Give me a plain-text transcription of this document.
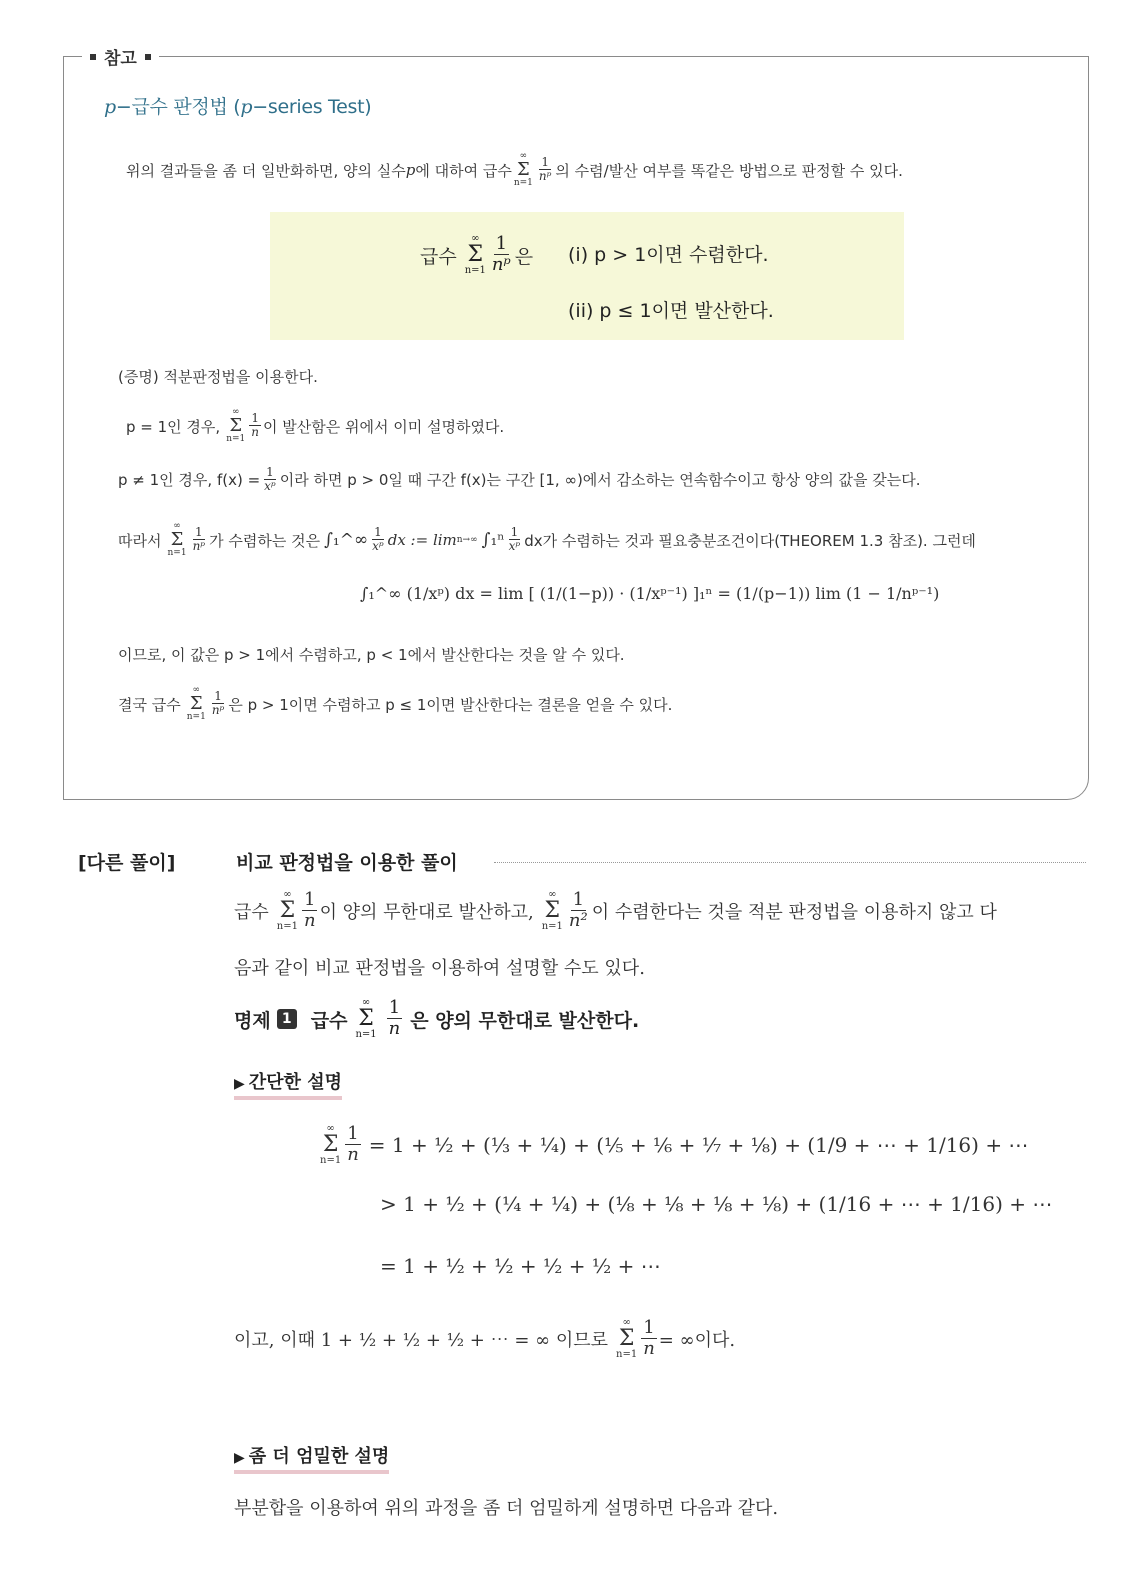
참고
p−급수 판정법 (p−series Test)
위의 결과들을 좀 더 일반화하면, 양의 실수 p 에 대하여 급수
∞
Σ
$n=1 \frac{1}{\text{nᵖ}}$ 의 수렴/발산 여부를 똑같은 방법으로 판정할 수 있다.
급수
∞
Σ
$n=1 \frac{1}{\text{nᵖ}}$ 은 (i) p > 1이면 수렴한다.
(ii) p ≤ 1이면 발산한다.
(증명) 적분판정법을 이용한다.
p = 1인 경우,
∞
Σ
$n=1 \frac{1}{n}$ 이 발산함은 위에서 이미 설명하였다.
p ≠ 1인 경우, $f(x) = \frac{1}{\text{xᵖ}}$ 이라 하면 p > 0일 때 구간 f(x)는 구간 [1, ∞)에서 감소하는 연속함수이고 항상 양의 값을 갖는다.
따라서
∞
Σ
$n=1 \frac{1}{\text{nᵖ}}$ 가 수렴하는 것은 ∫₁^∞ $\frac{1}{\text{xᵖ}}$ dx := lim n→∞ $\int_1^n \frac{1}{\text{xᵖ}}$ dx가 수렴하는 것과 필요충분조건이다(THEOREM 1.3 참조). 그런데
∫₁^∞ (1/xᵖ) dx = lim [ (1/(1−p)) · (1/xᵖ⁻¹) ]₁ⁿ = (1/(p−1)) lim (1 − 1/nᵖ⁻¹)
이므로, 이 값은 p > 1에서 수렴하고, p < 1에서 발산한다는 것을 알 수 있다.
결국 급수
∞
Σ
$n=1 \frac{1}{\text{nᵖ}}$ 은 p > 1이면 수렴하고 p ≤ 1이면 발산한다는 결론을 얻을 수 있다.
[다른 풀이]	비교 판정법을 이용한 풀이
급수
∞
Σ
$n=1 \frac{1}{n}$ 이 양의 무한대로 발산하고,
∞
Σ
$n=1 \frac{1}{\text{n²}}$ 이 수렴한다는 것을 적분 판정법을 이용하지 않고 다
음과 같이 비교 판정법을 이용하여 설명할 수도 있다.
명제 1 급수
∞
Σ
$n=1 \frac{1}{n}$ 은 양의 무한대로 발산한다.
▶ 간단한 설명
∞
Σ
$n=1 \frac{1}{n} = 1$ + ½ + (⅓ + ¼) + (⅕ + ⅙ + ⅐ + ⅛) + (1/9 + ⋯ + 1/16) + ⋯
> 1 + ½ + (¼ + ¼) + (⅛ + ⅛ + ⅛ + ⅛) + (1/16 + ⋯ + 1/16) + ⋯
= 1 + ½ + ½ + ½ + ½ + ⋯
이고, 이때 1 + ½ + ½ + ½ + ⋯ = ∞ 이므로
∞
Σ
$n=1 \frac{1}{n}$ = ∞이다.
▶ 좀 더 엄밀한 설명
부분합을 이용하여 위의 과정을 좀 더 엄밀하게 설명하면 다음과 같다.
